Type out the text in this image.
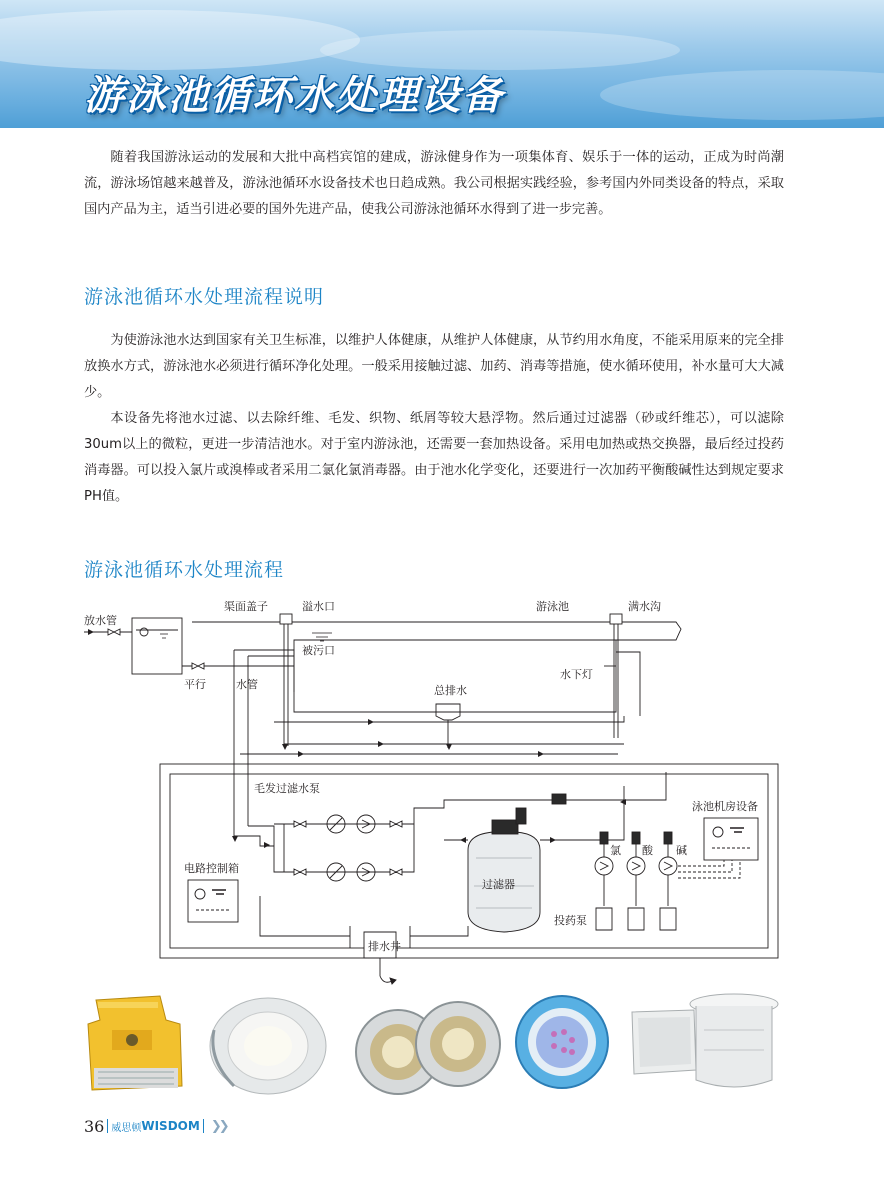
游泳池循环水处理设备

随着我国游泳运动的发展和大批中高档宾馆的建成，游泳健身作为一项集体育、娱乐于一体的运动，正成为时尚潮流，游泳场馆越来越普及，游泳池循环水设备技术也日趋成熟。我公司根据实践经验，参考国内外同类设备的特点，采取国内产品为主，适当引进必要的国外先进产品，使我公司游泳池循环水得到了进一步完善。

游泳池循环水处理流程说明

为使游泳池水达到国家有关卫生标准，以维护人体健康，从维护人体健康，从节约用水角度，不能采用原来的完全排放换水方式，游泳池水必须进行循环净化处理。一般采用接触过滤、加药、消毒等措施，使水循环使用，补水量可大大减少。

本设备先将池水过滤、以去除纤维、毛发、织物、纸屑等较大悬浮物。然后通过过滤器（砂或纤维芯），可以滤除30um以上的微粒，更进一步清洁池水。对于室内游泳池，还需要一套加热设备。采用电加热或热交换器，最后经过投药消毒器。可以投入氯片或溴棒或者采用二氯化氯消毒器。由于池水化学变化，还要进行一次加药平衡酸碱性达到规定要求PH值。

游泳池循环水处理流程
放水管
渠面盖子	溢水口	游泳池	满水沟
被污口
水下灯
总排水
平行	水管
毛发过滤水泵
泳池机房设备
氯 酸 碱
电路控制箱
过滤器
投药泵
排水井
36 威思顿 WISDOM ❯❯
